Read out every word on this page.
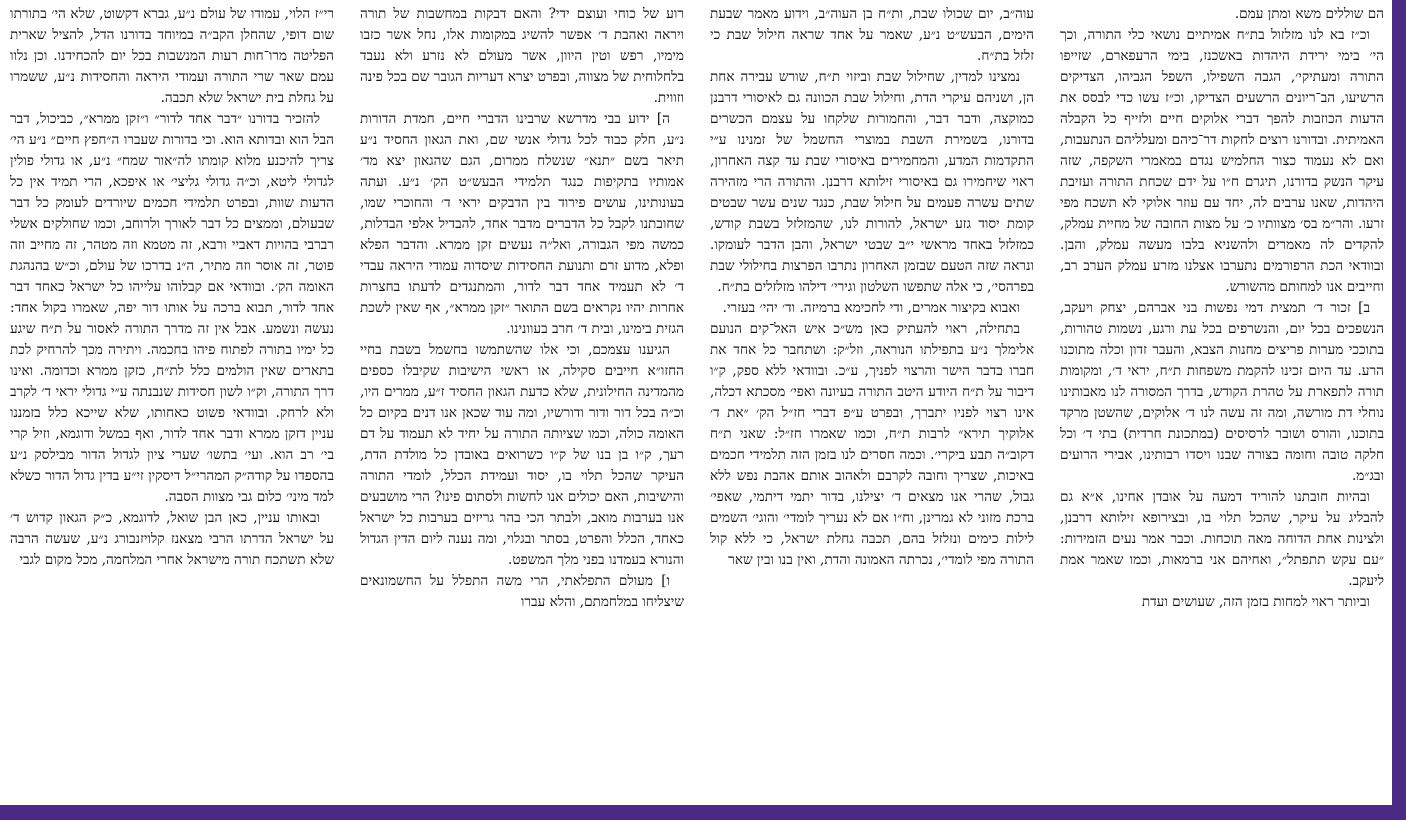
הם שוללים משא ומתן עמם.

וכ״ז בא לנו מזלזול בת״ח אמיתיים נושאי כלי התורה, וכך הי׳ בימי ירידת היהדות באשכנז, בימי הרעפארם, שזייפו התורה ומעתיקי׳, הגבה השפילו, השפל הגביהו, הצדיקים הרשיעו, הב־ריונים הרשעים הצדיקו, וכ״ז עשו כדי לבסס את הדעות הכוזבות להפך דברי אלוקים חיים ולזייף כל הקבלה האמיתית. ובדורנו רוצים לחקות דר־כיהם ומעלליהם הנתעבות, ואם לא נעמוד כצור החלמיש נגדם במאמרי השקפה, שזה עיקר הנשק בדורנו, תיגרם ח״ו על ידם שכחת התורה ועזיבת היהדות, שאנו ערבים לה, יחד עם עוזר אלוקי לא תשכח מפי זרעו. והר״מ בס׳ מצוותיו כ׳ על מצות החובה של מחיית עמלק, להקדים לה מאמרים ולהשניא בלבו מעשה עמלק, והבן. ובוודאי הכת הרפורמים נתערבו אצלנו מזרע עמלק הערב רב, וחייבים אנו למחותם מהשורש.

ב] זכור ד׳ תמצית דמי נפשות בני אברהם, יצחק ויעקב, הנשפכים בכל יום, והנשרפים בכל עת ורגע, נשמות טהורות, בתוככי מערות פריצים מחנות הצבא, והעבר זדון וכלה מתוכנו הרע. עד היום זכינו להקמת משפחות ת״ח, יראי ד׳, ומקומות תורה לתפארת על טהרת הקודש, בדרך המסורה לנו מאבותינו נוחלי דת מורשה, ומה זה עשה לנו ד׳ אלוקים, שהשטן מרקד בתוכנו, והורס ושובר לרסיסים (במתכונת חרדית) בתי ד׳ וכל חלקה טובה וחומה בצורה שבנו ויסדו רבותינו, אבירי הרועים ובג״מ.

ובהיות חובתנו להוריד דמעה על אובדן אחינו, א״א גם להבליג על עיקר, שהכל תלוי בו, ובצירופא זילותא דרבנן, ולצינות אחת הדוחה מאה תוכחות. וכבר אמר נעים הזמירות: ״עם עקש תתפתל״, ואחיהם אני ברמאות, וכמו שאמר אמת ליעקב.

וביותר ראוי למחות בזמן הזה, שעושים ועדת

עוה״ב, יום שכולו שבת, ות״ח בן העוה״ב, וידוע מאמר שבעת הימים, הבעש״ט נ״ע, שאמר על אחד שראה חילול שבת כי זלזל בת״ח.

נמצינו למדין, שחילול שבת וביזוי ת״ח, שורש עבירה אחת הן, ושניהם עיקרי הדת, וחילול שבת הכוונה גם לאיסורי דרבנן כמוקצה, ודבר דבר, והחמורות שלקחו על עצמם הכשרים בדורנו, בשמירת השבת במוצרי החשמל של זמנינו ע״י התקדמות המדע, והמחמירים באיסורי שבת עד קצה האחרון, ראוי שיחמירו גם באיסורי זילותא דרבנן. והתורה הרי מזהירה שתים עשרה פעמים על חילול שבת, כנגד שנים עשר שבטים קומת יסוד גזע ישראל, להורות לנו, שהמזלזל בשבת קודש, כמזלזל באחד מראשי י״ב שבטי ישראל, והבן הדבר לעומקו. ונראה שזה הטעם שבזמן האחרון נתרבו הפרצות בחילולי שבת בפרהסי׳, כי אלה שתפשו השלטון וגירי׳ דילהו מזלזלים בת״ח.

ואבוא בקיצור אמרים, ודי לחכימא ברמיזה. וד׳ יהי׳ בעזרי.

בתחילה, ראוי להעתיק כאן מש״כ איש האל־קים הנועם אלימלך נ״ע בתפילתו הנוראה, וזל״ק: ושתחבר כל אחד את חברו בדבר הישר והרצוי לפניך, ע״כ. ובוודאי ללא ספק, ק״ו דיבור על ת״ח היודע היטב התורה בעיונה ואפי׳ מסכתא דכלה, אינו רצוי לפניו יתברך, ובפרט ע״פ דברי חז״ל הק׳ ״את ד׳ אלוקיך תירא״ לרבות ת״ח, וכמו שאמרו חז״ל: שאני ת״ח דקוב״ה תבע ביקרי׳. וכמה חסרים לנו בזמן הזה תלמידי חכמים באיכות, שצריך וחובה לקרבם ולאהוב אותם אהבת נפש ללא גבול, שהרי אנו מצאים ד׳ יצילנו, בדור יתמי דיתמי, שאפי׳ ברכת מזוני לא גמרינן, וח״ו אם לא נעריך לומדי׳ והוגי׳ השמים לילות כימים ונזלזל בהם, תכבה גחלת ישראל, כי ללא קול התורה מפי לומדי׳, נכרתה האמונה והדת, ואין בנו ובין שאר

רוע של כוחי ועוצם ידי? והאם דבקות במחשבות של תורה ויראה ואהבת ד׳ אפשר להשיג במקומות אלו, נחל אשר כזבו מימיו, רפש וטין היוון, אשר מעולם לא נזרע ולא נעבד בלחלוחית של מצווה, ובפרט יצרא דעריות הגובר שם בכל פינה וזווית.

ה] ידוע בבי מדרשא שרבינו הדברי חיים, חמדת הדורות נ״ע, חלק כבוד לכל גדולי אנשי שם, ואת הגאון החסיד נ״ע תיאר בשם ״תנא״ שנשלח ממרום, הגם שהגאון יצא מד׳ אמותיו בתקיפות כנגד תלמידי הבעש״ט הק׳ נ״ע. ועתה בעונותינו, עושים פירוד בין הדבקים יראי ד׳ והחוכרי שמו, שחובתנו לקבל כל הדברים מדבר אחד, להבדיל אלפי הבדלות, כמשה מפי הגבורה, ואל״ה נעשים זקן ממרא. והדבר הפלא ופלא, מדוע זרם ותנועת החסידות שיסדוה עמודי היראה עבדי ד׳ לא תעמיד אחד דבר לדור, והמתנגדים לדעתו בחצרות אחרות יהיו נקראים בשם התואר ״זקן ממרא״, אף שאין לשכת הגזית בימינו, ובית ד׳ חרב בעוונינו.

הגיענו עצמכם, וכי אלו שהשתמשו בחשמל בשבת בחיי החזו״א חייבים סקילה, או ראשי הישיבות שקיבלו כספים מהמדינה החילונית, שלא כדעת הגאון החסיד ז״ע, ממרים היו, וכ״ה בכל דור ודור ודורשיו, ומה עוד שכאן אנו דנים בקיום כל האומה כולה, וכמו שציותה התורה על יחיד לא תעמוד על דם רעך, ק״ו בן בנו של ק״ו כשרואים באובדן כל מולדת הדת, העיקר שהכל תלוי בו, יסוד ועמידת הכלל, לומדי התורה והישיבות, האם יכולים אנו לחשות ולסתום פינו? הרי מושבעים אנו בערבות מואב, ולבתר הכי בהר גריזים בערבות כל ישראל כאחד, הכלל והפרט, בסתר ובגלוי, ומה נענה ליום הדין הגדול והנורא בעמדנו בפני מלך המשפט.

ו] מעולם התפלאתי, הרי משה התפלל על החשמונאים שיצליחו במלחמתם, והלא עברו

רי״ז הלוי, עמודו של עולם נ״ע, גברא דקשוט, שלא הי׳ בתורתו שום דופי, שהחלן הקב״ה במיוחד בדורנו הדל, להציל שארית הפליטה מרו־חות רעות המנשבות בכל יום להכחידנו. וכן נלוו עמם שאר שרי התורה ועמודי היראה והחסידות נ״ע, ששמרו על גחלת בית ישראל שלא תכבה.

להזכיר בדורנו ״דבר אחד לדור״ ו״זקן ממרא״, כביכול, דבר הבל הוא ובדותא הוא. וכי בדורות שעברו ה״חפץ חיים״ נ״ע הי׳ צריך להיכנע מלוא קומתו לה״אור שמח״ נ״ע, או גדולי פולין לגדולי ליטא, וכ״ה גדולי גליצי׳ או איפכא, הרי תמיד אין כל הדעות שוות, ובפרט תלמידי חכמים שיורדים לעומק כל דבר שבעולם, וממצים כל דבר לאורך ולרוחב, וכמו שחולקים אשלי רברבי בהויות דאביי ורבא, זה מטמא וזה מטהר, זה מחייב וזה פוטר, זה אוסר וזה מתיר, ה״נ בדרכו של עולם, וכ״ש בהנהגת האומה הק׳. ובוודאי אם קבלוהו עלייהו כל ישראל כאחד דבר אחד לדור, תבוא ברכה על אותו דור יפה, שאמרו בקול אחד: נעשה ונשמע. אבל אין זה מדרך התורה לאסור על ת״ח שיגע כל ימיו בתורה לפתוח פיהו בחכמה. ויתירה מכך להרחיק לכת בתארים שאין הולמים כלל לת״ח, כזקן ממרא וכדומה. ואינו דרך התורה, וק״ו לשון חסידות שנבנתה ע״י גדולי יראי ד׳ לקרב ולא לרחק. ובוודאי פשוט כאחותו, שלא שייכא כלל בזמננו עניין דזקן ממרא ודבר אחד לדור, ואף במשל ודוגמא, וזיל קרי בי׳ רב הוא. ועי׳ בתשו׳ שערי ציון לגדול הדור מבילסק נ״ע בהספדו על קודה״ק המהרי״ל דיסקין זי״ע בדין גדול הדור כשלא למד מיני׳ כלום גבי מצוות הסבה.

ובאותו עניין, כאן הבן שואל, לדוגמא, כ״ק הגאון קדוש ד׳ על ישראל הדרתו הרבי מצאנז קלויזנבורג נ״ע, שעשה הרבה שלא תשתכח תורה מישראל אחרי המלחמה, מכל מקום לגבי
